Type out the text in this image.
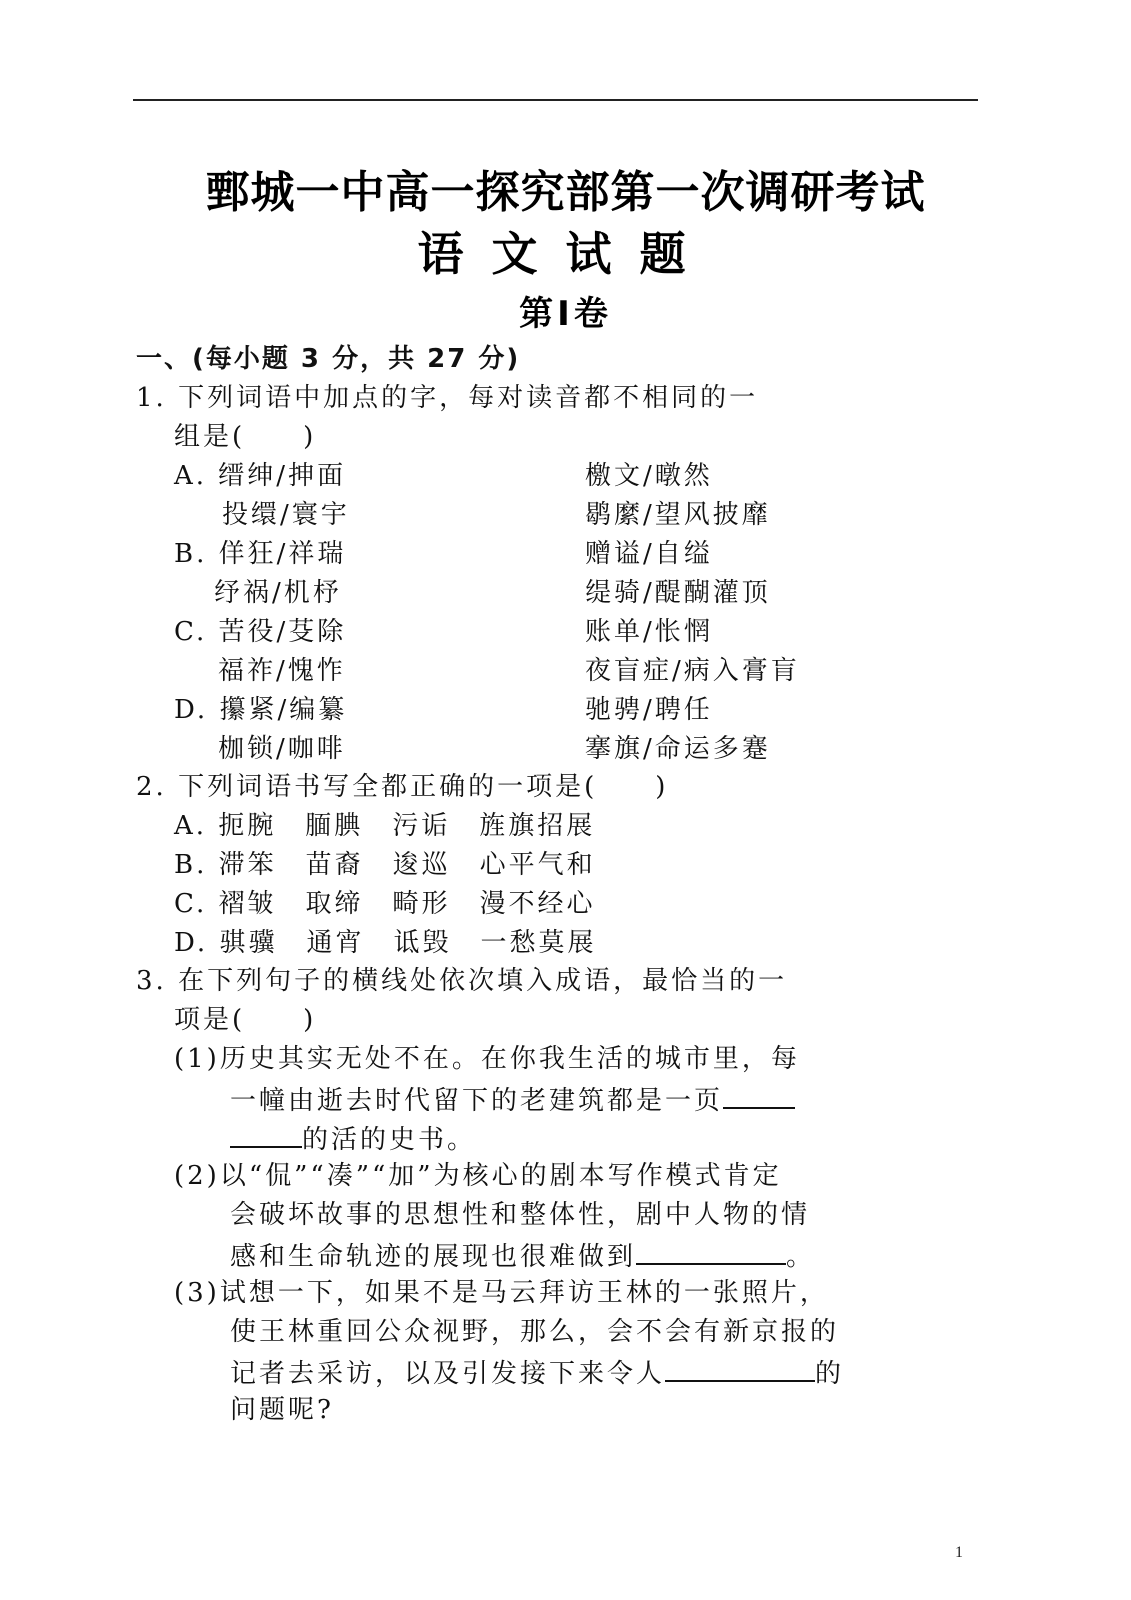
鄄城一中高一探究部第一次调研考试
语文试题
第Ⅰ卷
一、(每小题 3 分，共 27 分)
1. 下列词语中加点的字，每对读音都不相同的一
组是(　　)
A. 缙绅/抻面	檄文/暾然
投缳/寰宇	鹖縻/望风披靡
B. 佯狂/祥瑞	赠谥/自缢
纾祸/机杼	缇骑/醍醐灌顶
C. 苦役/芟除	账单/怅惘
福祚/愧怍	夜盲症/病入膏肓
D. 攥紧/编纂	驰骋/聘任
枷锁/咖啡	搴旗/命运多蹇
2. 下列词语书写全都正确的一项是(　　)
A. 扼腕　腼腆　污诟　旌旗招展
B. 滞笨　苗裔　逡巡　心平气和
C. 褶皱　取缔　畸形　漫不经心
D. 骐骥　通宵　诋毁　一愁莫展
3. 在下列句子的横线处依次填入成语，最恰当的一
项是(　　)
(1)历史其实无处不在。在你我生活的城市里，每
一幢由逝去时代留下的老建筑都是一页
的活的史书。
(2)以“侃”“凑”“加”为核心的剧本写作模式肯定
会破坏故事的思想性和整体性，剧中人物的情
感和生命轨迹的展现也很难做到	。
(3)试想一下，如果不是马云拜访王林的一张照片，
使王林重回公众视野，那么，会不会有新京报的
记者去采访，以及引发接下来令人	的
问题呢?
1
